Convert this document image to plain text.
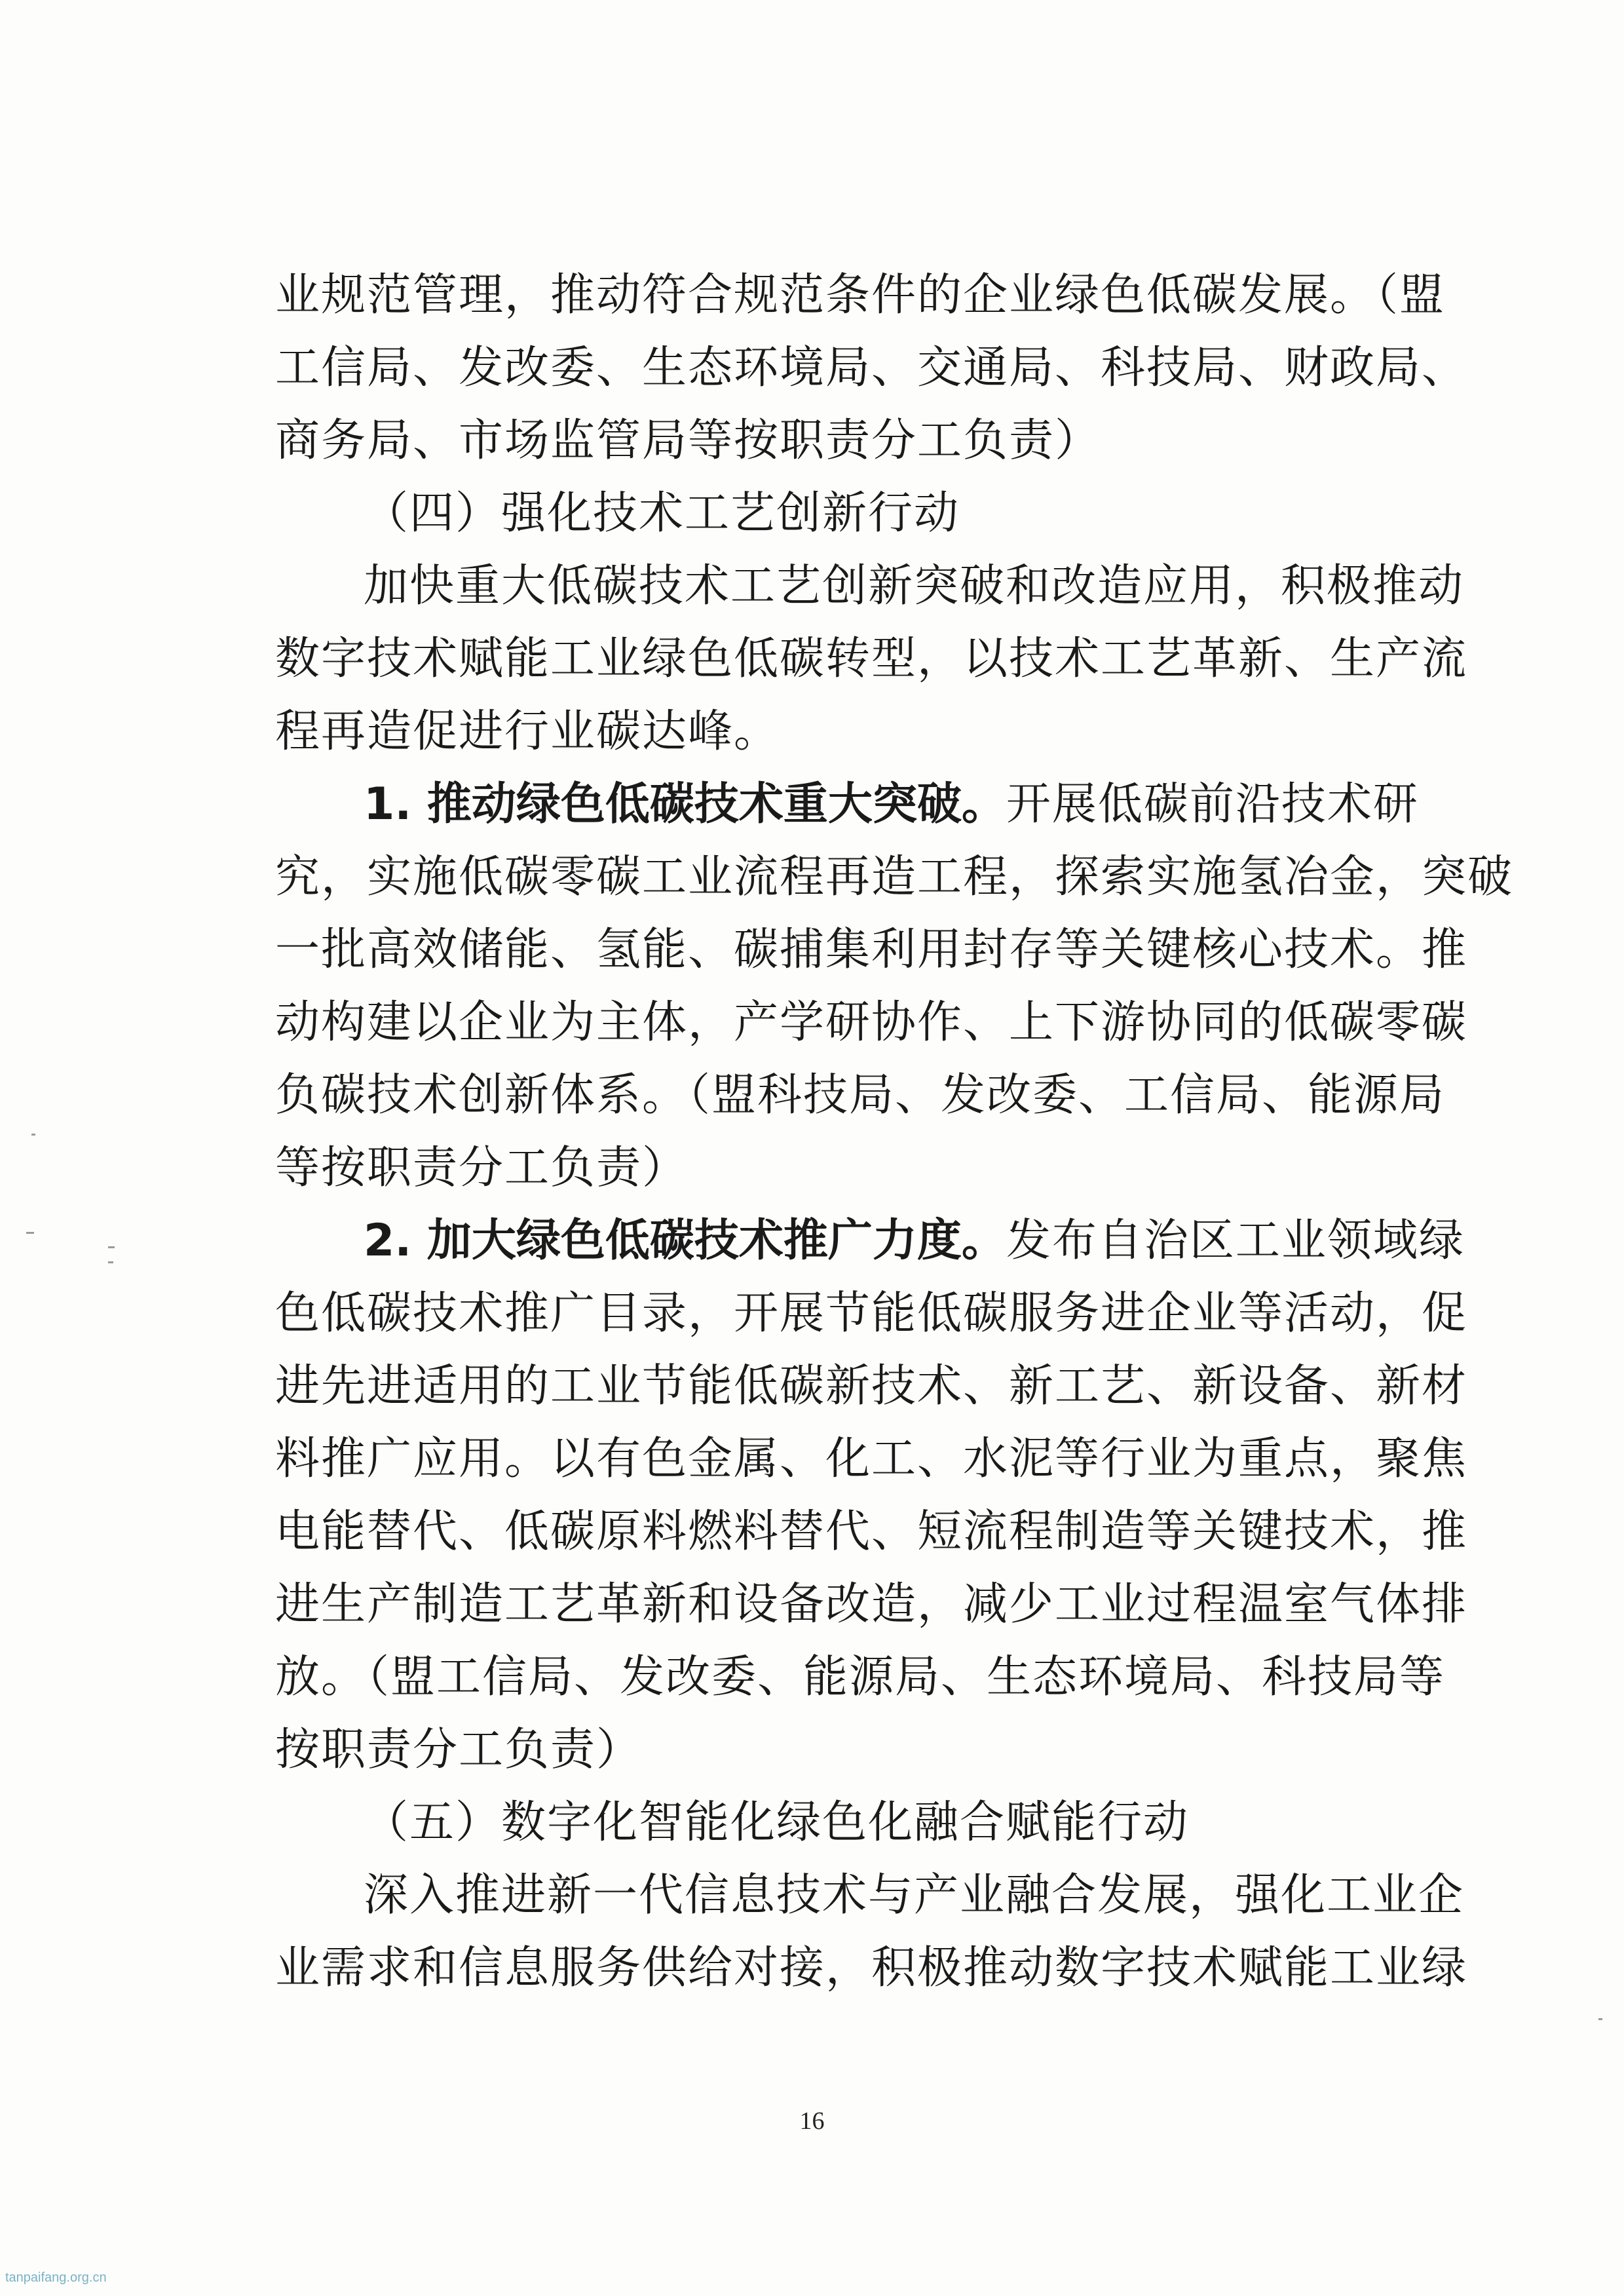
业规范管理，推动符合规范条件的企业绿色低碳发展。（盟
工信局、发改委、生态环境局、交通局、科技局、财政局、
商务局、市场监管局等按职责分工负责）
（四）强化技术工艺创新行动
加快重大低碳技术工艺创新突破和改造应用，积极推动
数字技术赋能工业绿色低碳转型，以技术工艺革新、生产流
程再造促进行业碳达峰。
1. 推动绿色低碳技术重大突破。开展低碳前沿技术研
究，实施低碳零碳工业流程再造工程，探索实施氢冶金，突破
一批高效储能、氢能、碳捕集利用封存等关键核心技术。推
动构建以企业为主体，产学研协作、上下游协同的低碳零碳
负碳技术创新体系。（盟科技局、发改委、工信局、能源局
等按职责分工负责）
2. 加大绿色低碳技术推广力度。发布自治区工业领域绿
色低碳技术推广目录，开展节能低碳服务进企业等活动，促
进先进适用的工业节能低碳新技术、新工艺、新设备、新材
料推广应用。以有色金属、化工、水泥等行业为重点，聚焦
电能替代、低碳原料燃料替代、短流程制造等关键技术，推
进生产制造工艺革新和设备改造，减少工业过程温室气体排
放。（盟工信局、发改委、能源局、生态环境局、科技局等
按职责分工负责）
（五）数字化智能化绿色化融合赋能行动
深入推进新一代信息技术与产业融合发展，强化工业企
业需求和信息服务供给对接，积极推动数字技术赋能工业绿
16
tanpaifang.org.cn
